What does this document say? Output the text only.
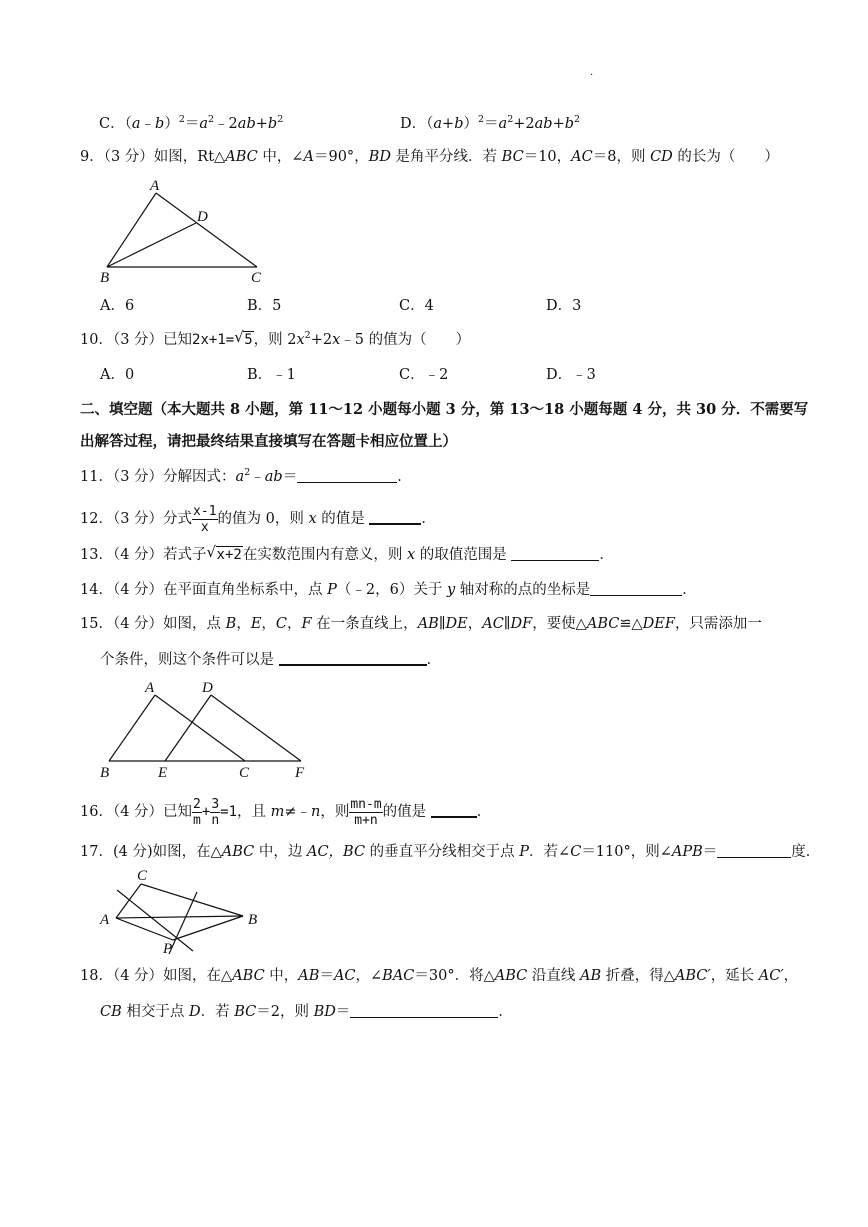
.
C．$(a﹣b)^2=a^2﹣2ab+b^2$	D．$(a+b)^2=a^2+2ab+b^2$
9．（3 分）如图，Rt△ABC 中，∠A＝90°，BD 是角平分线．若 BC＝10，AC＝8，则 CD 的长为（　　）
A
D
B	C
A．6	B．5	C．4	D．3
10．（3 分）已知2x+1= √ 5，则 $2x^2+2x﹣5$ 的值为（　　）
A．0	B．﹣1	C．﹣2	D．﹣3
二、填空题（本大题共 8 小题，第 11～12 小题每小题 3 分，第 13～18 小题每题 4 分，共 30 分．不需要写
出解答过程，请把最终结果直接填写在答题卡相应位置上）
11．（3 分）分解因式：$a^2﹣ab=$	．
12．（3 分）分式 $\frac{x-1}{x}$ 的值为 0，则 x 的值是	．
13．（4 分）若式子 √ x+2在实数范围内有意义，则 x 的取值范围是	．
14．（4 分）在平面直角坐标系中，点 P（﹣2，6）关于 y 轴对称的点的坐标是	．
15．（4 分）如图，点 B，E，C，F 在一条直线上，AB∥DE，AC∥DF，要使△ABC≌△DEF，只需添加一
个条件，则这个条件可以是	．
A	D
B	E	C	F
16．（4 分）已知 $\frac{2}{m} + \frac{3}{n} =1$，且 m≠﹣n，则 $\frac{mn-m}{m+n}$ 的值是	．
17．(4 分)如图，在△ABC 中，边 AC，BC 的垂直平分线相交于点 P．若∠C＝110°，则∠APB＝	度．
C
A	B
P
18．（4 分）如图，在△ABC 中，AB＝AC，∠BAC＝30°．将△ABC 沿直线 AB 折叠，得△ABC′，延长 AC′，
CB 相交于点 D．若 BC＝2，则 BD＝	．
